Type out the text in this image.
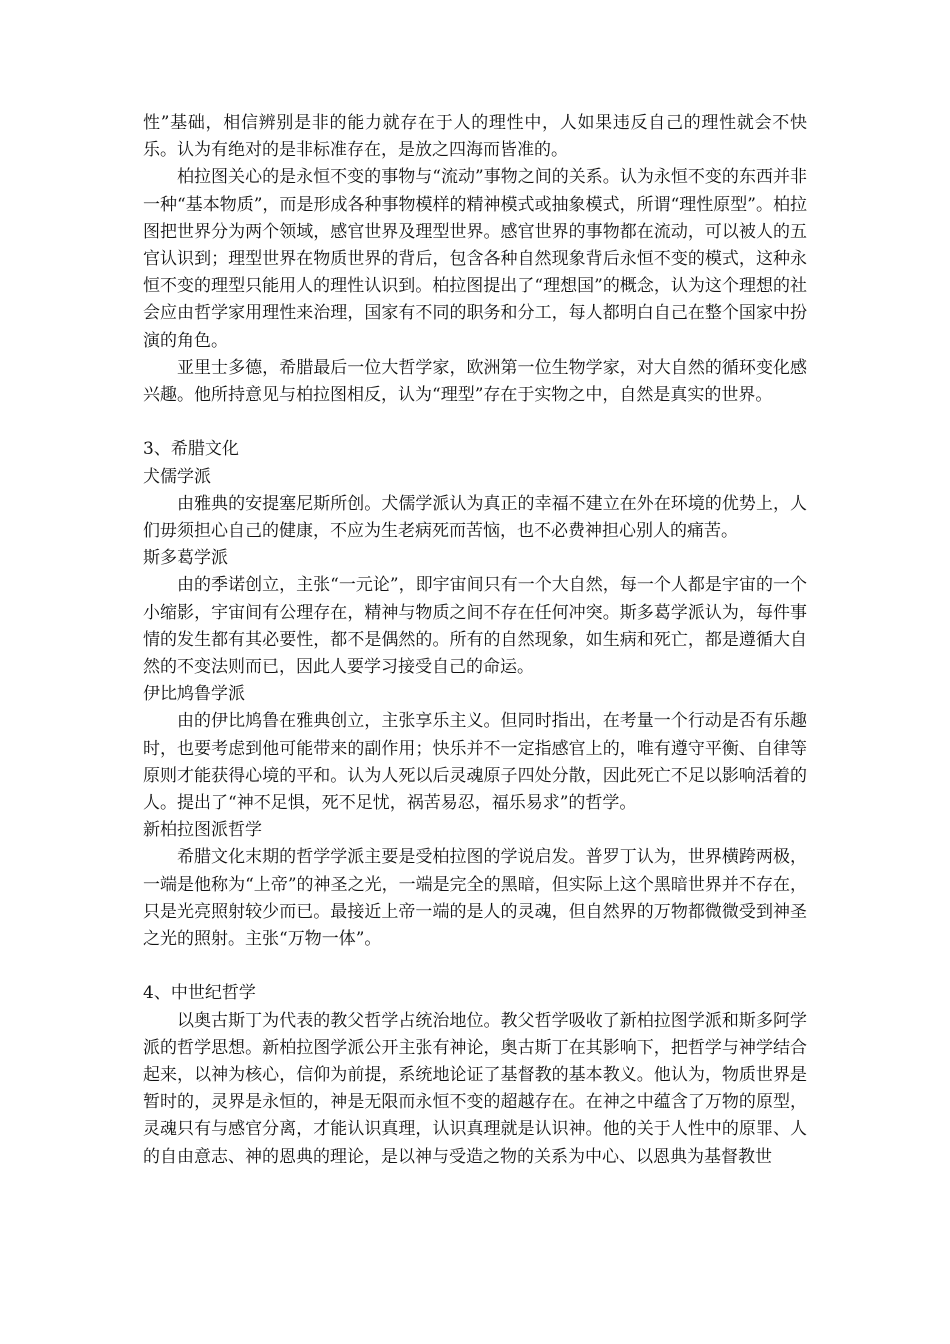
性”基础，相信辨别是非的能力就存在于人的理性中，人如果违反自己的理性就会不快乐。认为有绝对的是非标准存在，是放之四海而皆准的。

柏拉图关心的是永恒不变的事物与“流动”事物之间的关系。认为永恒不变的东西并非一种“基本物质”，而是形成各种事物模样的精神模式或抽象模式，所谓“理性原型”。柏拉图把世界分为两个领域，感官世界及理型世界。感官世界的事物都在流动，可以被人的五官认识到；理型世界在物质世界的背后，包含各种自然现象背后永恒不变的模式，这种永恒不变的理型只能用人的理性认识到。柏拉图提出了“理想国”的概念，认为这个理想的社会应由哲学家用理性来治理，国家有不同的职务和分工，每人都明白自己在整个国家中扮演的角色。

亚里士多德，希腊最后一位大哲学家，欧洲第一位生物学家，对大自然的循环变化感兴趣。他所持意见与柏拉图相反，认为“理型”存在于实物之中，自然是真实的世界。

3、希腊文化
犬儒学派

由雅典的安提塞尼斯所创。犬儒学派认为真正的幸福不建立在外在环境的优势上，人们毋须担心自己的健康，不应为生老病死而苦恼，也不必费神担心别人的痛苦。

斯多葛学派

由的季诺创立，主张“一元论”，即宇宙间只有一个大自然，每一个人都是宇宙的一个小缩影，宇宙间有公理存在，精神与物质之间不存在任何冲突。斯多葛学派认为，每件事情的发生都有其必要性，都不是偶然的。所有的自然现象，如生病和死亡，都是遵循大自然的不变法则而已，因此人要学习接受自己的命运。

伊比鸠鲁学派

由的伊比鸠鲁在雅典创立，主张享乐主义。但同时指出，在考量一个行动是否有乐趣时，也要考虑到他可能带来的副作用；快乐并不一定指感官上的，唯有遵守平衡、自律等原则才能获得心境的平和。认为人死以后灵魂原子四处分散，因此死亡不足以影响活着的人。提出了“神不足惧，死不足忧，祸苦易忍，福乐易求”的哲学。

新柏拉图派哲学

希腊文化末期的哲学学派主要是受柏拉图的学说启发。普罗丁认为，世界横跨两极，一端是他称为“上帝”的神圣之光，一端是完全的黑暗，但实际上这个黑暗世界并不存在，只是光亮照射较少而已。最接近上帝一端的是人的灵魂，但自然界的万物都微微受到神圣之光的照射。主张“万物一体”。

4、中世纪哲学

以奥古斯丁为代表的教父哲学占统治地位。教父哲学吸收了新柏拉图学派和斯多阿学派的哲学思想。新柏拉图学派公开主张有神论，奥古斯丁在其影响下，把哲学与神学结合起来，以神为核心，信仰为前提，系统地论证了基督教的基本教义。他认为，物质世界是暂时的，灵界是永恒的，神是无限而永恒不变的超越存在。在神之中蕴含了万物的原型，灵魂只有与感官分离，才能认识真理，认识真理就是认识神。他的关于人性中的原罪、人的自由意志、神的恩典的理论，是以神与受造之物的关系为中心、以恩典为基督教世
